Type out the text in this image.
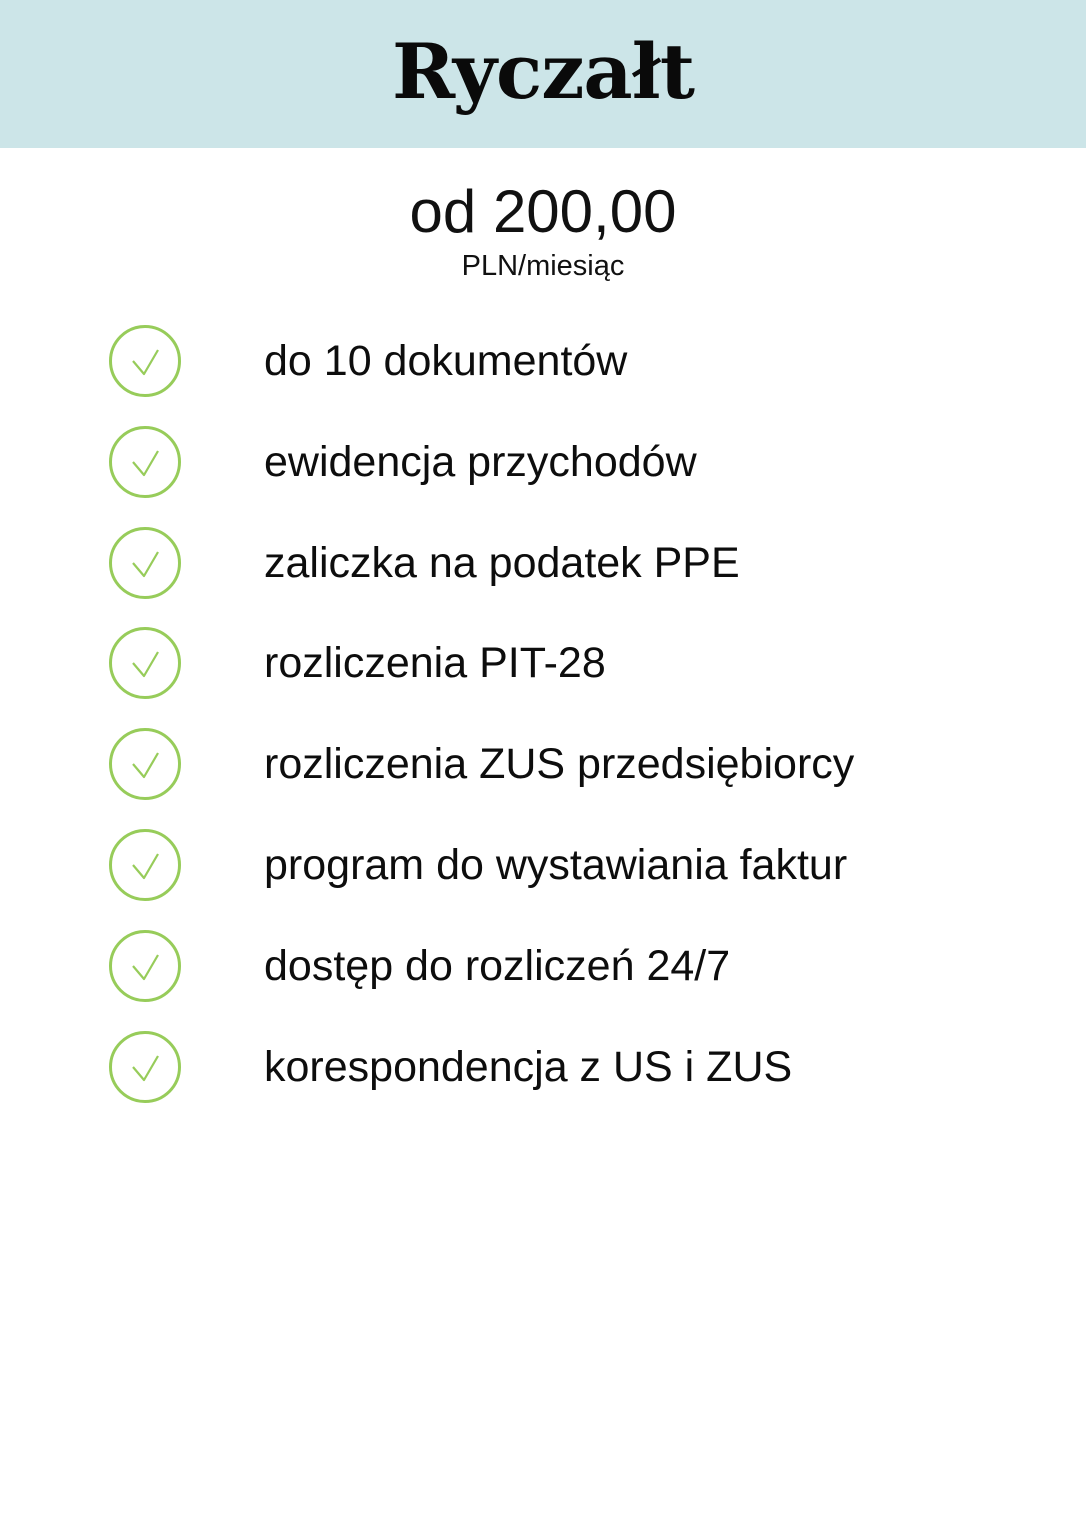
Ryczałt
od 200,00
PLN/miesiąc
do 10 dokumentów
ewidencja przychodów
zaliczka na podatek PPE
rozliczenia PIT-28
rozliczenia ZUS przedsiębiorcy
program do wystawiania faktur
dostęp do rozliczeń 24/7
korespondencja z US i ZUS
